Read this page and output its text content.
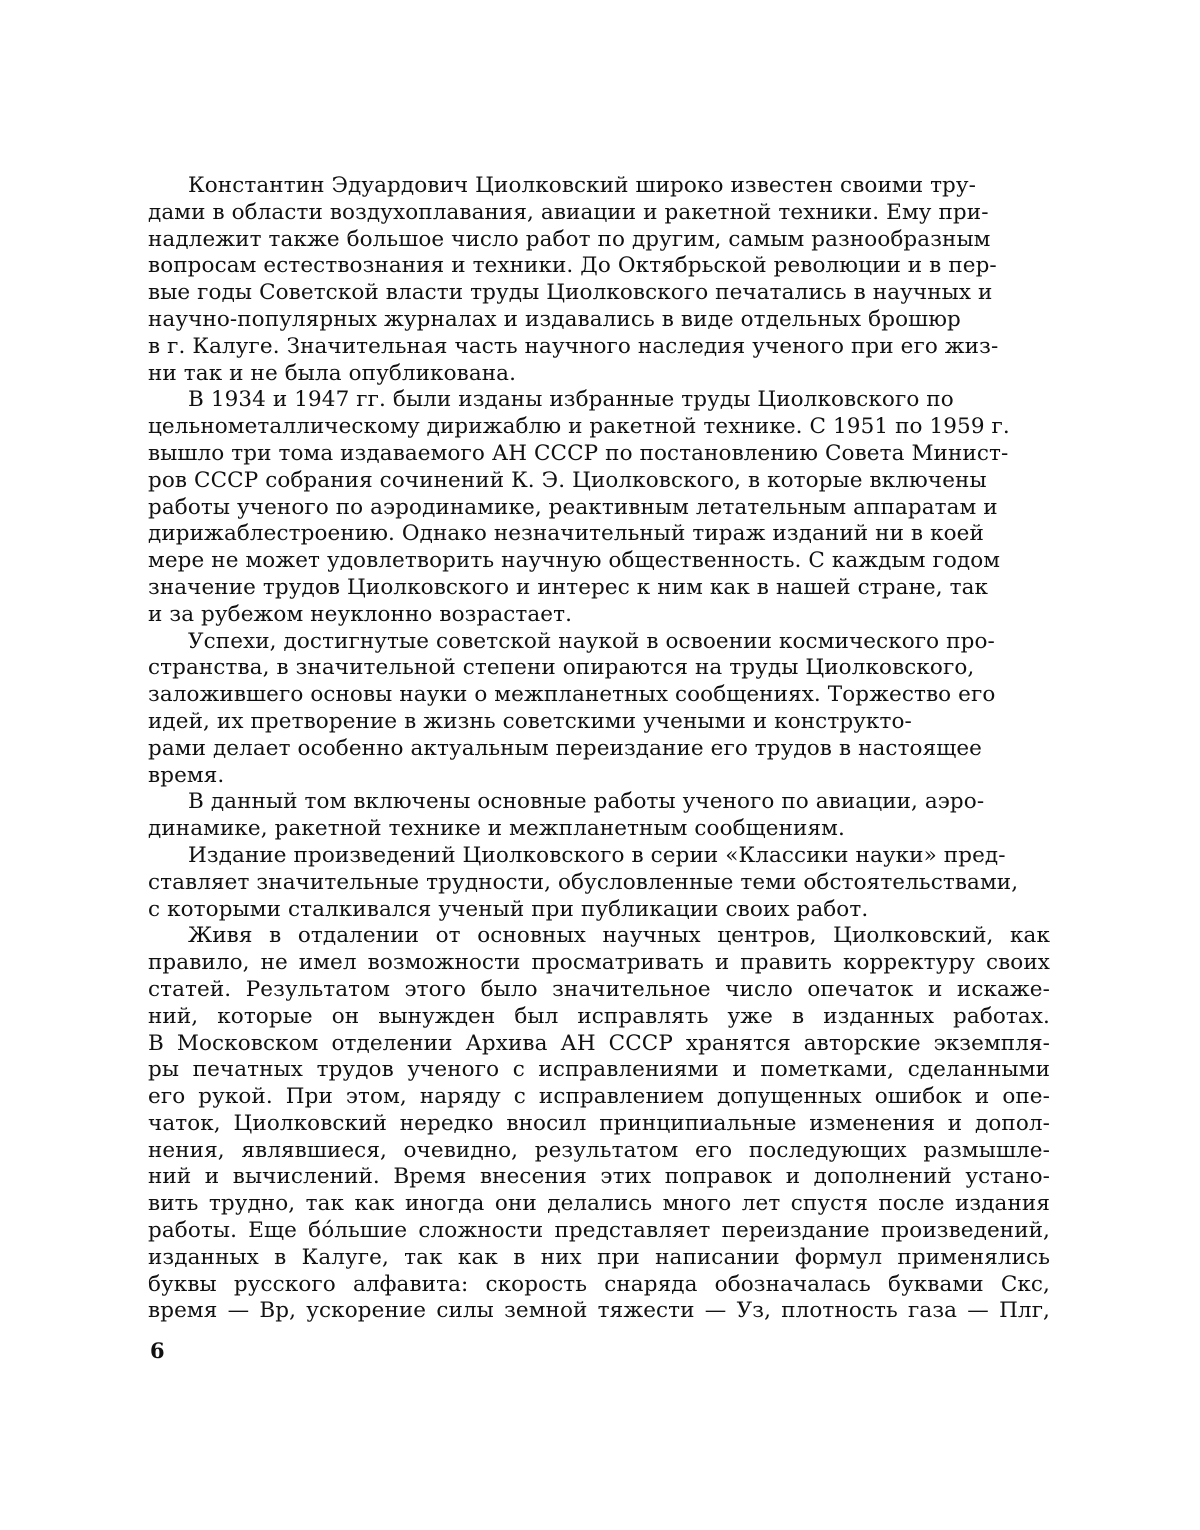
Константин Эдуардович Циолковский широко известен своими тру-
дами в области воздухоплавания, авиации и ракетной техники. Ему при-
надлежит также большое число работ по другим, самым разнообразным
вопросам естествознания и техники. До Октябрьской революции и в пер-
вые годы Советской власти труды Циолковского печатались в научных и
научно-популярных журналах и издавались в виде отдельных брошюр
в г. Калуге. Значительная часть научного наследия ученого при его жиз-
ни так и не была опубликована.

В 1934 и 1947 гг. были изданы избранные труды Циолковского по
цельнометаллическому дирижаблю и ракетной технике. С 1951 по 1959 г.
вышло три тома издаваемого АН СССР по постановлению Совета Минист-
ров СССР собрания сочинений К. Э. Циолковского, в которые включены
работы ученого по аэродинамике, реактивным летательным аппаратам и
дирижаблестроению. Однако незначительный тираж изданий ни в коей
мере не может удовлетворить научную общественность. С каждым годом
значение трудов Циолковского и интерес к ним как в нашей стране, так
и за рубежом неуклонно возрастает.

Успехи, достигнутые советской наукой в освоении космического про-
странства, в значительной степени опираются на труды Циолковского,
заложившего основы науки о межпланетных сообщениях. Торжество его
идей, их претворение в жизнь советскими учеными и конструкто-
рами делает особенно актуальным переиздание его трудов в настоящее
время.

В данный том включены основные работы ученого по авиации, аэро-
динамике, ракетной технике и межпланетным сообщениям.

Издание произведений Циолковского в серии «Классики науки» пред-
ставляет значительные трудности, обусловленные теми обстоятельствами,
с которыми сталкивался ученый при публикации своих работ.

Живя в отдалении от основных научных центров, Циолковский, как
правило, не имел возможности просматривать и править корректуру своих
статей. Результатом этого было значительное число опечаток и искаже-
ний, которые он вынужден был исправлять уже в изданных работах.
В Московском отделении Архива АН СССР хранятся авторские экземпля-
ры печатных трудов ученого с исправлениями и пометками, сделанными
его рукой. При этом, наряду с исправлением допущенных ошибок и опе-
чаток, Циолковский нередко вносил принципиальные изменения и допол-
нения, являвшиеся, очевидно, результатом его последующих размышле-
ний и вычислений. Время внесения этих поправок и дополнений устано-
вить трудно, так как иногда они делались много лет спустя после издания
работы. Еще бóльшие сложности представляет переиздание произведений,
изданных в Калуге, так как в них при написании формул применялись
буквы русского алфавита: скорость снаряда обозначалась буквами Скс,
время — Вр, ускорение силы земной тяжести — Уз, плотность газа — Плг,

6
